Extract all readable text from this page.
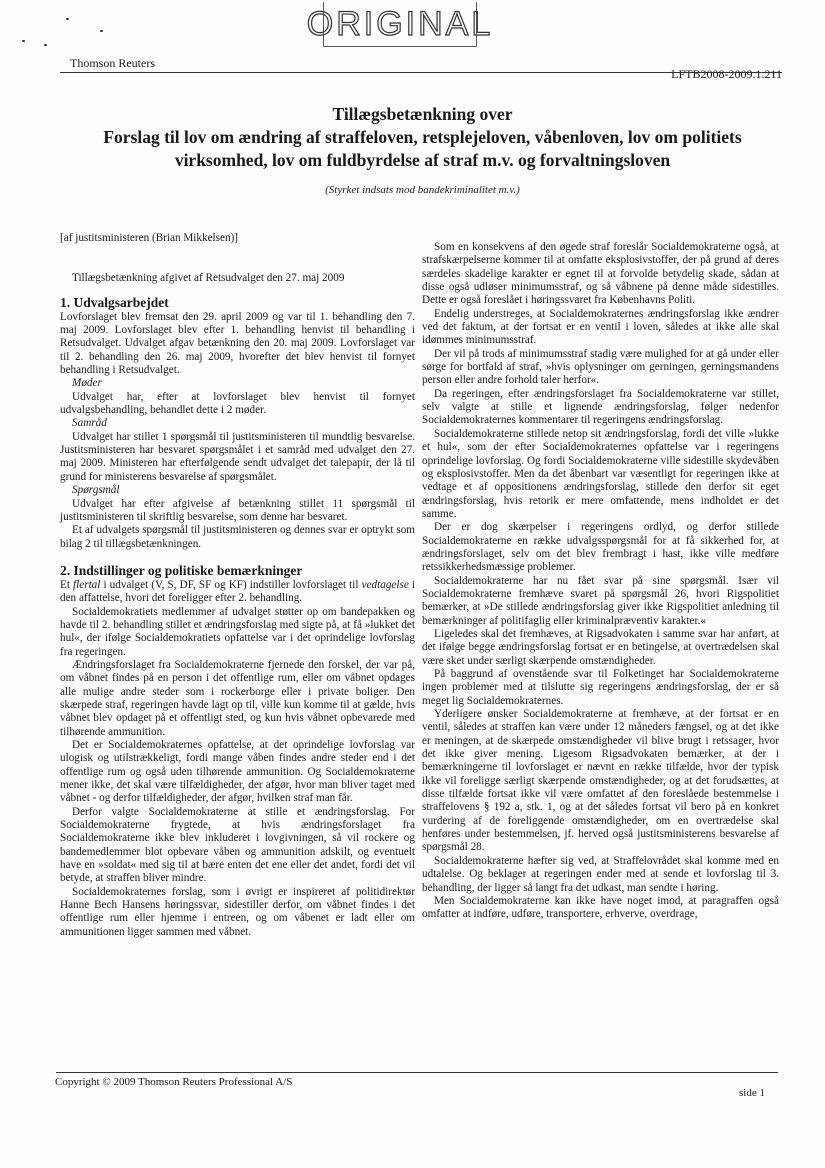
ORIGINAL
Thomson Reuters
LFTB2008-2009.1.211
Tillægsbetænkning over
Forslag til lov om ændring af straffeloven, retsplejeloven, våbenloven, lov om politiets
virksomhed, lov om fuldbyrdelse af straf m.v. og forvaltningsloven
(Styrket indsats mod bandekriminalitet m.v.)

[af justitsministeren (Brian Mikkelsen)]

Tillægsbetænkning afgivet af Retsudvalget den 27. maj 2009

1. Udvalgsarbejdet

Lovforslaget blev fremsat den 29. april 2009 og var til 1. behandling den 7. maj 2009. Lovforslaget blev efter 1. behandling henvist til behandling i Retsudvalget. Udvalget afgav betænkning den 20. maj 2009. Lovforslaget var til 2. behandling den 26. maj 2009, hvorefter det blev henvist til fornyet behandling i Retsudvalget.

Møder

Udvalget har, efter at lovforslaget blev henvist til fornyet udvalgsbehandling, behandlet dette i 2 møder.

Samråd

Udvalget har stillet 1 spørgsmål til justitsministeren til mundtlig besvarelse. Justitsministeren har besvaret spørgsmålet i et samråd med udvalget den 27. maj 2009. Ministeren har efterfølgende sendt udvalget det talepapir, der lå til grund for ministerens besvarelse af spørgsmålet.

Spørgsmål

Udvalget har efter afgivelse af betænkning stillet 11 spørgsmål til justitsministeren til skriftlig besvarelse, som denne har besvaret.

Et af udvalgets spørgsmål til justitsministeren og dennes svar er optrykt som bilag 2 til tillægsbetænkningen.

2. Indstillinger og politiske bemærkninger

Et flertal i udvalget (V, S, DF, SF og KF) indstiller lovforslaget til vedtagelse i den affattelse, hvori det foreligger efter 2. behandling.

Socialdemokratiets medlemmer af udvalget støtter op om bandepakken og havde til 2. behandling stillet et ændringsforslag med sigte på, at få »lukket det hul«, der ifølge Socialdemokratiets opfattelse var i det oprindelige lovforslag fra regeringen.

Ændringsforslaget fra Socialdemokraterne fjernede den forskel, der var på, om våbnet findes på en person i det offentlige rum, eller om våbnet opdages alle mulige andre steder som i rockerborge eller i private boliger. Den skærpede straf, regeringen havde lagt op til, ville kun komme til at gælde, hvis våbnet blev opdaget på et offentligt sted, og kun hvis våbnet opbevarede med tilhørende ammunition.

Det er Socialdemokraternes opfattelse, at det oprindelige lovforslag var ulogisk og utilstrækkeligt, fordi mange våben findes andre steder end i det offentlige rum og også uden tilhørende ammunition. Og Socialdemokraterne mener ikke, det skal være tilfældigheder, der afgør, hvor man bliver taget med våbnet - og derfor tilfældigheder, der afgør, hvilken straf man får.

Derfor valgte Socialdemokraterne at stille et ændringsforslag. For Socialdemokraterne frygtede, at hvis ændringsforslaget fra Socialdemokraterne ikke blev inkluderet i lovgivningen, så vil rockere og bandemedlemmer blot opbevare våben og ammunition adskilt, og eventuelt have en »soldat« med sig til at bære enten det ene eller det andet, fordi det vil betyde, at straffen bliver mindre.

Socialdemokraternes forslag, som i øvrigt er inspireret af politidirektør Hanne Bech Hansens høringssvar, sidestiller derfor, om våbnet findes i det offentlige rum eller hjemme i entreen, og om våbenet er ladt eller om ammunitionen ligger sammen med våbnet.

Som en konsekvens af den øgede straf foreslår Socialdemokraterne også, at strafskærpelserne kommer til at omfatte eksplosivstoffer, der på grund af deres særdeles skadelige karakter er egnet til at forvolde betydelig skade, sådan at disse også udløser minimumsstraf, og så våbnene på denne måde sidestilles. Dette er også foreslået i høringssvaret fra Københavns Politi.

Endelig understreges, at Socialdemokraternes ændringsforslag ikke ændrer ved det faktum, at der fortsat er en ventil i loven, således at ikke alle skal idømmes minimumsstraf.

Der vil på trods af minimumsstraf stadig være mulighed for at gå under eller sørge for bortfald af straf, »hvis oplysninger om gerningen, gerningsmandens person eller andre forhold taler herfor«.

Da regeringen, efter ændringsforslaget fra Socialdemokraterne var stillet, selv valgte at stille et lignende ændringsforslag, følger nedenfor Socialdemokraternes kommentarer til regeringens ændringsforslag.

Socialdemokraterne stillede netop sit ændringsforslag, fordi det ville »lukke et hul«, som der efter Socialdemokraternes opfattelse var i regeringens oprindelige lovforslag. Og fordi Socialdemokraterne ville sidestille skydevåben og eksplosivstoffer. Men da det åbenbart var væsentligt for regeringen ikke at vedtage et af oppositionens ændringsforslag, stillede den derfor sit eget ændringsforslag, hvis retorik er mere omfattende, mens indholdet er det samme.

Der er dog skærpelser i regeringens ordlyd, og derfor stillede Socialdemokraterne en række udvalgsspørgsmål for at få sikkerhed for, at ændringsforslaget, selv om det blev frembragt i hast, ikke ville medføre retssikkerhedsmæssige problemer.

Socialdemokraterne har nu fået svar på sine spørgsmål. Især vil Socialdemokraterne fremhæve svaret på spørgsmål 26, hvori Rigspolitiet bemærker, at »De stillede ændringsforslag giver ikke Rigspolitiet anledning til bemærkninger af politifaglig eller kriminalpræventiv karakter.«

Ligeledes skal det fremhæves, at Rigsadvokaten i samme svar har anført, at det ifølge begge ændringsforslag fortsat er en betingelse, at overtrædelsen skal være sket under særligt skærpende omstændigheder.

På baggrund af ovenstående svar til Folketinget har Socialdemokraterne ingen problemer med at tilslutte sig regeringens ændringsforslag, der er så meget lig Socialdemokraternes.

Yderligere ønsker Socialdemokraterne at fremhæve, at der fortsat er en ventil, således at straffen kan være under 12 måneders fængsel, og at det ikke er meningen, at de skærpede omstændigheder vil blive brugt i retssager, hvor det ikke giver mening. Ligesom Rigsadvokaten bemærker, at der i bemærkningerne til lovforslaget er nævnt en række tilfælde, hvor der typisk ikke vil foreligge særligt skærpende omstændigheder, og at det forudsættes, at disse tilfælde fortsat ikke vil være omfattet af den foreslåede bestemmelse i straffelovens § 192 a, stk. 1, og at det således fortsat vil bero på en konkret vurdering af de foreliggende omstændigheder, om en overtrædelse skal henføres under bestemmelsen, jf. herved også justitsministerens besvarelse af spørgsmål 28.

Socialdemokraterne hæfter sig ved, at Straffelovrådet skal komme med en udtalelse. Og beklager at regeringen ender med at sende et lovforslag til 3. behandling, der ligger så langt fra det udkast, man sendte i høring.

Men Socialdemokraterne kan ikke have noget imod, at paragraffen også omfatter at indføre, udføre, transportere, erhverve, overdrage,

Copyright © 2009 Thomson Reuters Professional A/S
side 1
